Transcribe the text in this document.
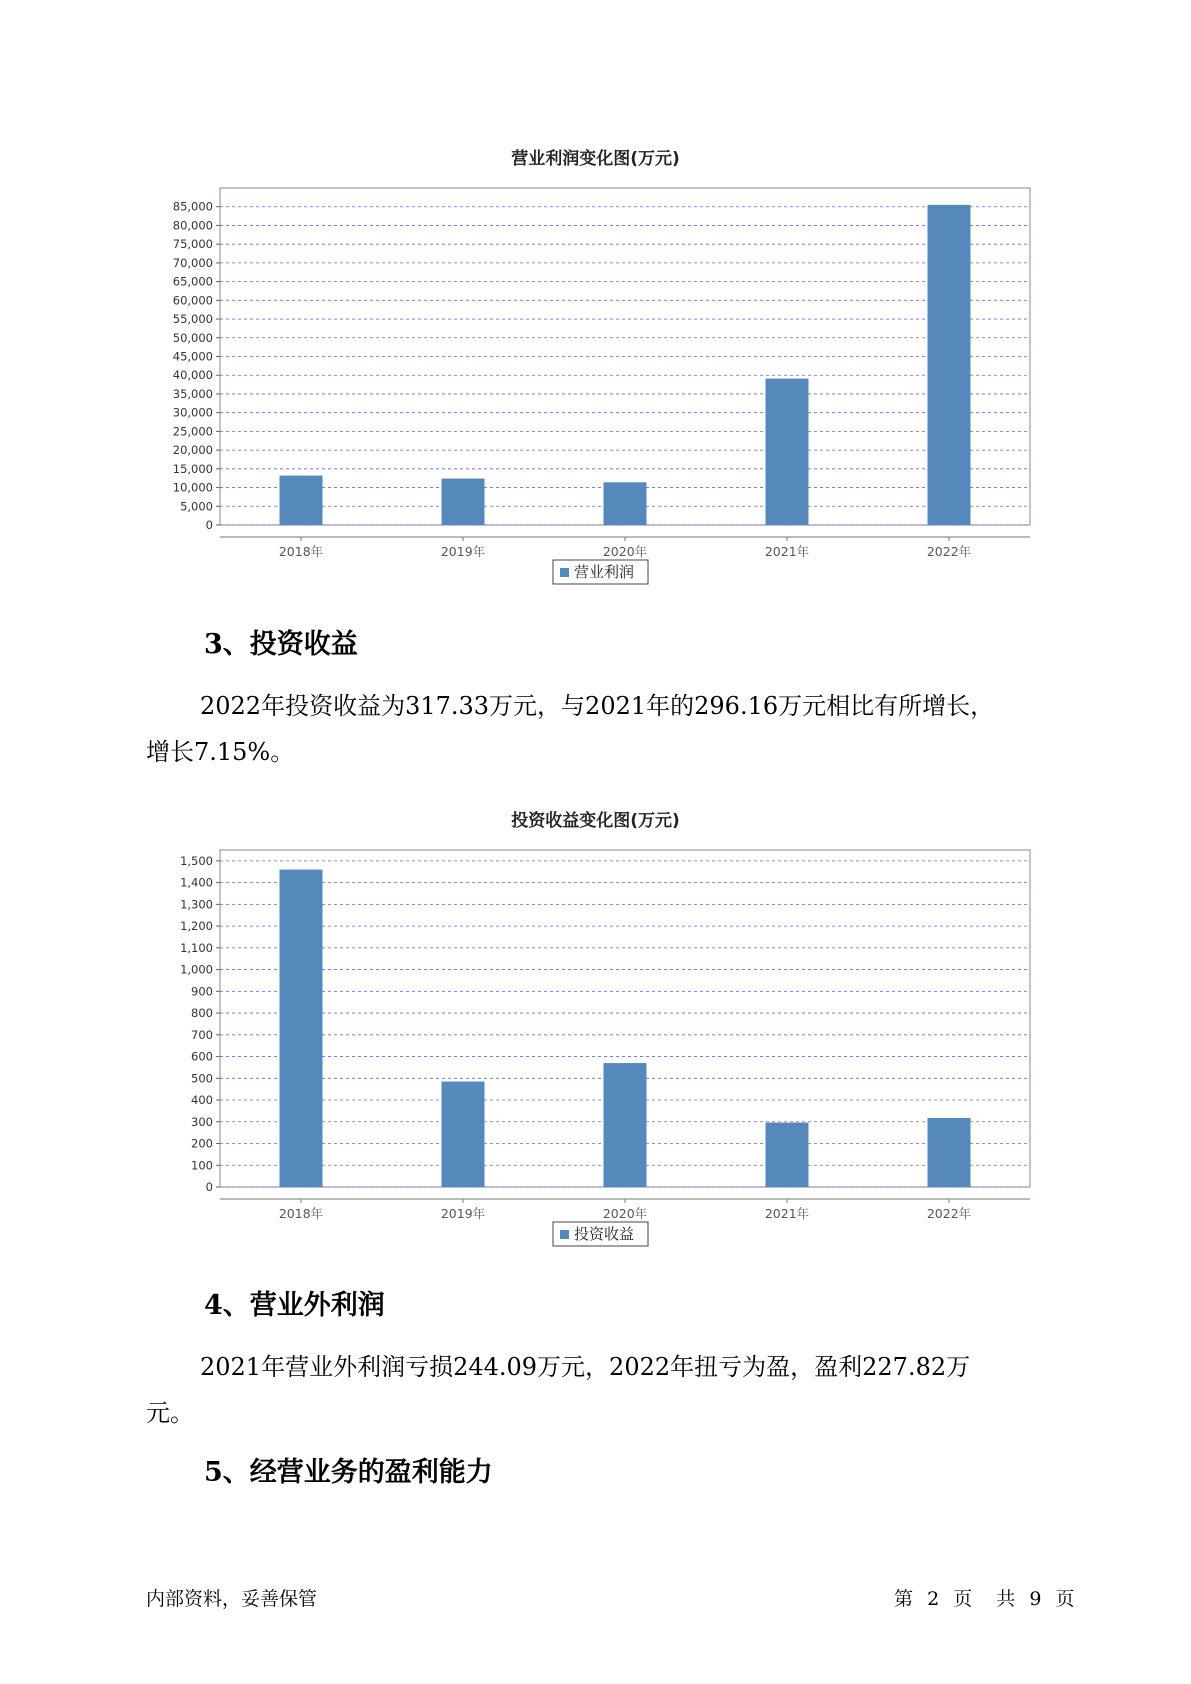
营业利润变化图(万元)
0
5,000
10,000
15,000
20,000
25,000
30,000
35,000
40,000
45,000
50,000
55,000
60,000
65,000
70,000
75,000
80,000
85,000
2018年	2019年	2020年	2021年	2022年
营业利润
3、投资收益
2022年投资收益为317.33万元，与2021年的296.16万元相比有所增长，
增长7.15%。
投资收益变化图(万元)
0
100
200
300
400
500
600
700
800
900
1,000
1,100
1,200
1,300
1,400
1,500
2018年	2019年	2020年	2021年	2022年
投资收益
4、营业外利润
2021年营业外利润亏损244.09万元，2022年扭亏为盈，盈利227.82万
元。
5、经营业务的盈利能力
内部资料，妥善保管	第 2 页 共 9 页
